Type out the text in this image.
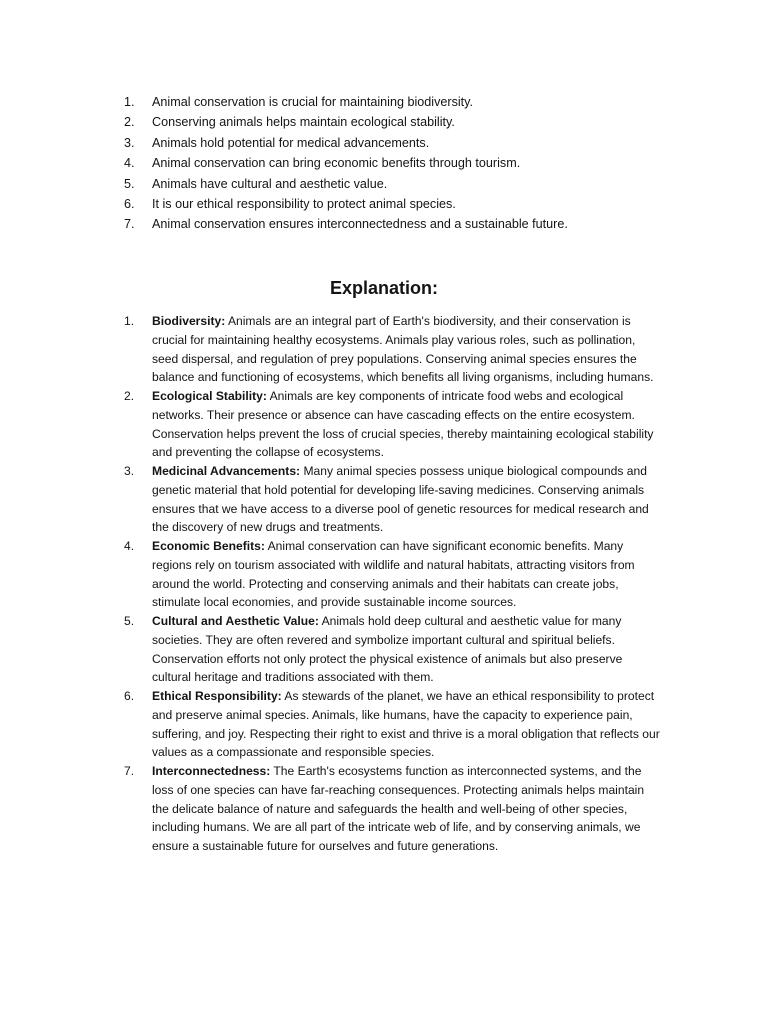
1. Animal conservation is crucial for maintaining biodiversity.
2. Conserving animals helps maintain ecological stability.
3. Animals hold potential for medical advancements.
4. Animal conservation can bring economic benefits through tourism.
5. Animals have cultural and aesthetic value.
6. It is our ethical responsibility to protect animal species.
7. Animal conservation ensures interconnectedness and a sustainable future.
Explanation:
1. Biodiversity: Animals are an integral part of Earth's biodiversity, and their conservation is crucial for maintaining healthy ecosystems. Animals play various roles, such as pollination, seed dispersal, and regulation of prey populations. Conserving animal species ensures the balance and functioning of ecosystems, which benefits all living organisms, including humans.
2. Ecological Stability: Animals are key components of intricate food webs and ecological networks. Their presence or absence can have cascading effects on the entire ecosystem. Conservation helps prevent the loss of crucial species, thereby maintaining ecological stability and preventing the collapse of ecosystems.
3. Medicinal Advancements: Many animal species possess unique biological compounds and genetic material that hold potential for developing life-saving medicines. Conserving animals ensures that we have access to a diverse pool of genetic resources for medical research and the discovery of new drugs and treatments.
4. Economic Benefits: Animal conservation can have significant economic benefits. Many regions rely on tourism associated with wildlife and natural habitats, attracting visitors from around the world. Protecting and conserving animals and their habitats can create jobs, stimulate local economies, and provide sustainable income sources.
5. Cultural and Aesthetic Value: Animals hold deep cultural and aesthetic value for many societies. They are often revered and symbolize important cultural and spiritual beliefs. Conservation efforts not only protect the physical existence of animals but also preserve cultural heritage and traditions associated with them.
6. Ethical Responsibility: As stewards of the planet, we have an ethical responsibility to protect and preserve animal species. Animals, like humans, have the capacity to experience pain, suffering, and joy. Respecting their right to exist and thrive is a moral obligation that reflects our values as a compassionate and responsible species.
7. Interconnectedness: The Earth's ecosystems function as interconnected systems, and the loss of one species can have far-reaching consequences. Protecting animals helps maintain the delicate balance of nature and safeguards the health and well-being of other species, including humans. We are all part of the intricate web of life, and by conserving animals, we ensure a sustainable future for ourselves and future generations.
